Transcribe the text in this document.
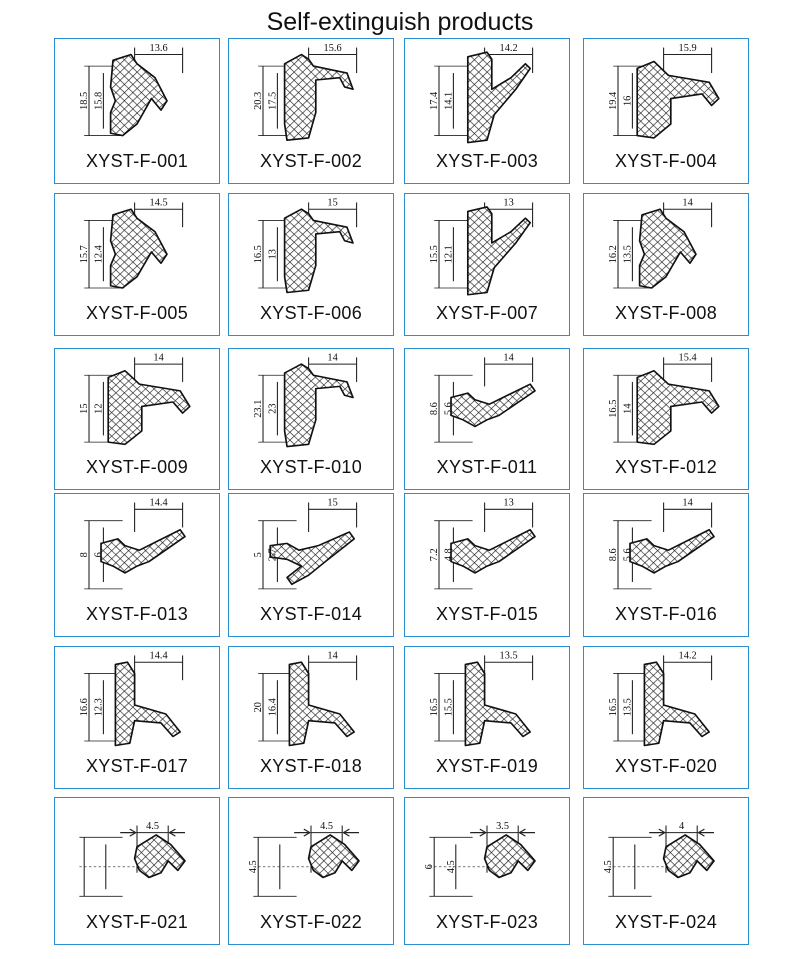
Self-extinguish products
13.6
18.5 15.8
XYST-F-001
15.6
20.3 17.5
XYST-F-002
14.2
17.4 14.1
XYST-F-003
15.9
19.4 16
XYST-F-004
14.5
15.7 12.4
XYST-F-005
15
16.5 13
XYST-F-006
13
15.5 12.1
XYST-F-007
14
16.2 13.5
XYST-F-008
14
15 12
XYST-F-009
14
23.1 23
XYST-F-010
14
8.6 5.6
XYST-F-011
15.4
16.5 14
XYST-F-012
14.4
8 6
XYST-F-013
15
5 2.7
XYST-F-014
13
7.2 4.8
XYST-F-015
14
8.6 5.6
XYST-F-016
14.4
16.6 12.3
XYST-F-017
14
20 16.4
XYST-F-018
13.5
16.5 15.5
XYST-F-019
14.2
16.5 13.5
XYST-F-020
4.5
XYST-F-021
4.5
4.5
XYST-F-022
3.5
6 4.5
XYST-F-023
4
4.5
XYST-F-024
